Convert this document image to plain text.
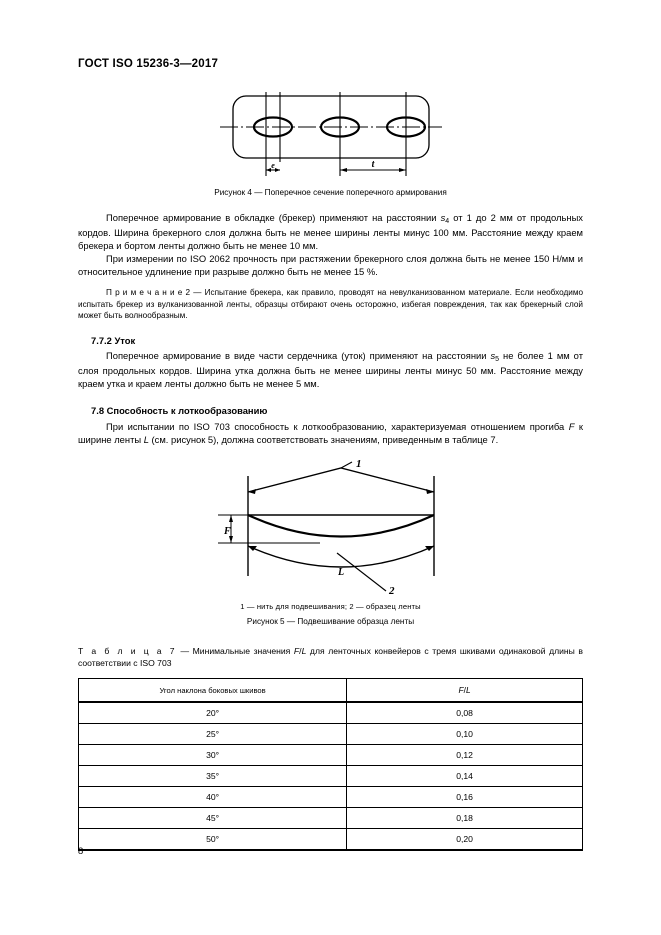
ГОСТ ISO 15236-3—2017
e	t
Рисунок 4 — Поперечное сечение поперечного армирования

Поперечное армирование в обкладке (брекер) применяют на расстоянии $s_4$ от 1 до 2 мм от продольных кордов. Ширина брекерного слоя должна быть не менее ширины ленты минус 100 мм. Расстояние между краем брекера и бортом ленты должно быть не менее 10 мм.

При измерении по ISO 2062 прочность при растяжении брекерного слоя должна быть не менее 150 Н/мм и относительное удлинение при разрыве должно быть не менее 15 %.

П р и м е ч а н и е 2 — Испытание брекера, как правило, проводят на невулканизованном материале. Если необходимо испытать брекер из вулканизованной ленты, образцы отбирают очень осторожно, избегая повреждения, так как брекерный слой может быть волнообразным.

7.7.2 Уток

Поперечное армирование в виде части сердечника (уток) применяют на расстоянии $s_5$ не более 1 мм от слоя продольных кордов. Ширина утка должна быть не менее ширины ленты минус 50 мм. Расстояние между краем утка и краем ленты должно быть не менее 5 мм.

7.8 Способность к лоткообразованию

При испытании по ISO 703 способность к лоткообразованию, характеризуемая отношением прогиба F к ширине ленты L (см. рисунок 5), должна соответствовать значениям, приведенным в таблице 7.

1
F
L
2
1 — нить для подвешивания; 2 — образец ленты
Рисунок 5 — Подвешивание образца ленты

Т а б л и ц а 7 — Минимальные значения F/L для ленточных конвейеров с тремя шкивами одинаковой длины в соответствии с ISO 703

Угол наклона боковых шкивов	F/L
20°	0,08
25°	0,10
30°	0,12
35°	0,14
40°	0,16
45°	0,18
50°	0,20
8
